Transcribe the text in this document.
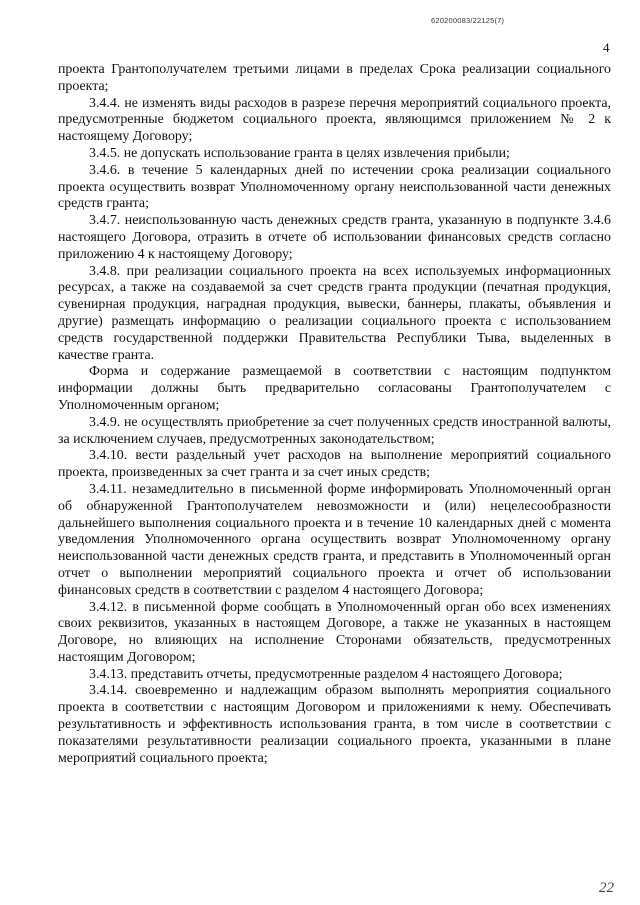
620200083/22125(7)
4

проекта Грантополучателем третьими лицами в пределах Срока реализации социального проекта;

3.4.4. не изменять виды расходов в разрезе перечня мероприятий социального проекта, предусмотренные бюджетом социального проекта, являющимся приложением № 2 к настоящему Договору;

3.4.5. не допускать использование гранта в целях извлечения прибыли;

3.4.6. в течение 5 календарных дней по истечении срока реализации социального проекта осуществить возврат Уполномоченному органу неиспользованной части денежных средств гранта;

3.4.7. неиспользованную часть денежных средств гранта, указанную в подпункте 3.4.6 настоящего Договора, отразить в отчете об использовании финансовых средств согласно приложению 4 к настоящему Договору;

3.4.8. при реализации социального проекта на всех используемых информационных ресурсах, а также на создаваемой за счет средств гранта продукции (печатная продукция, сувенирная продукция, наградная продукция, вывески, баннеры, плакаты, объявления и другие) размещать информацию о реализации социального проекта с использованием средств государственной поддержки Правительства Республики Тыва, выделенных в качестве гранта.

Форма и содержание размещаемой в соответствии с настоящим подпунктом информации должны быть предварительно согласованы Грантополучателем с Уполномоченным органом;

3.4.9. не осуществлять приобретение за счет полученных средств иностранной валюты, за исключением случаев, предусмотренных законодательством;

3.4.10. вести раздельный учет расходов на выполнение мероприятий социального проекта, произведенных за счет гранта и за счет иных средств;

3.4.11. незамедлительно в письменной форме информировать Уполномоченный орган об обнаруженной Грантополучателем невозможности и (или) нецелесообразности дальнейшего выполнения социального проекта и в течение 10 календарных дней с момента уведомления Уполномоченного органа осуществить возврат Уполномоченному органу неиспользованной части денежных средств гранта, и представить в Уполномоченный орган отчет о выполнении мероприятий социального проекта и отчет об использовании финансовых средств в соответствии с разделом 4 настоящего Договора;

3.4.12. в письменной форме сообщать в Уполномоченный орган обо всех изменениях своих реквизитов, указанных в настоящем Договоре, а также не указанных в настоящем Договоре, но влияющих на исполнение Сторонами обязательств, предусмотренных настоящим Договором;

3.4.13. представить отчеты, предусмотренные разделом 4 настоящего Договора;

3.4.14. своевременно и надлежащим образом выполнять мероприятия социального проекта в соответствии с настоящим Договором и приложениями к нему. Обеспечивать результативность и эффективность использования гранта, в том числе в соответствии с показателями результативности реализации социального проекта, указанными в плане мероприятий социального проекта;

22
